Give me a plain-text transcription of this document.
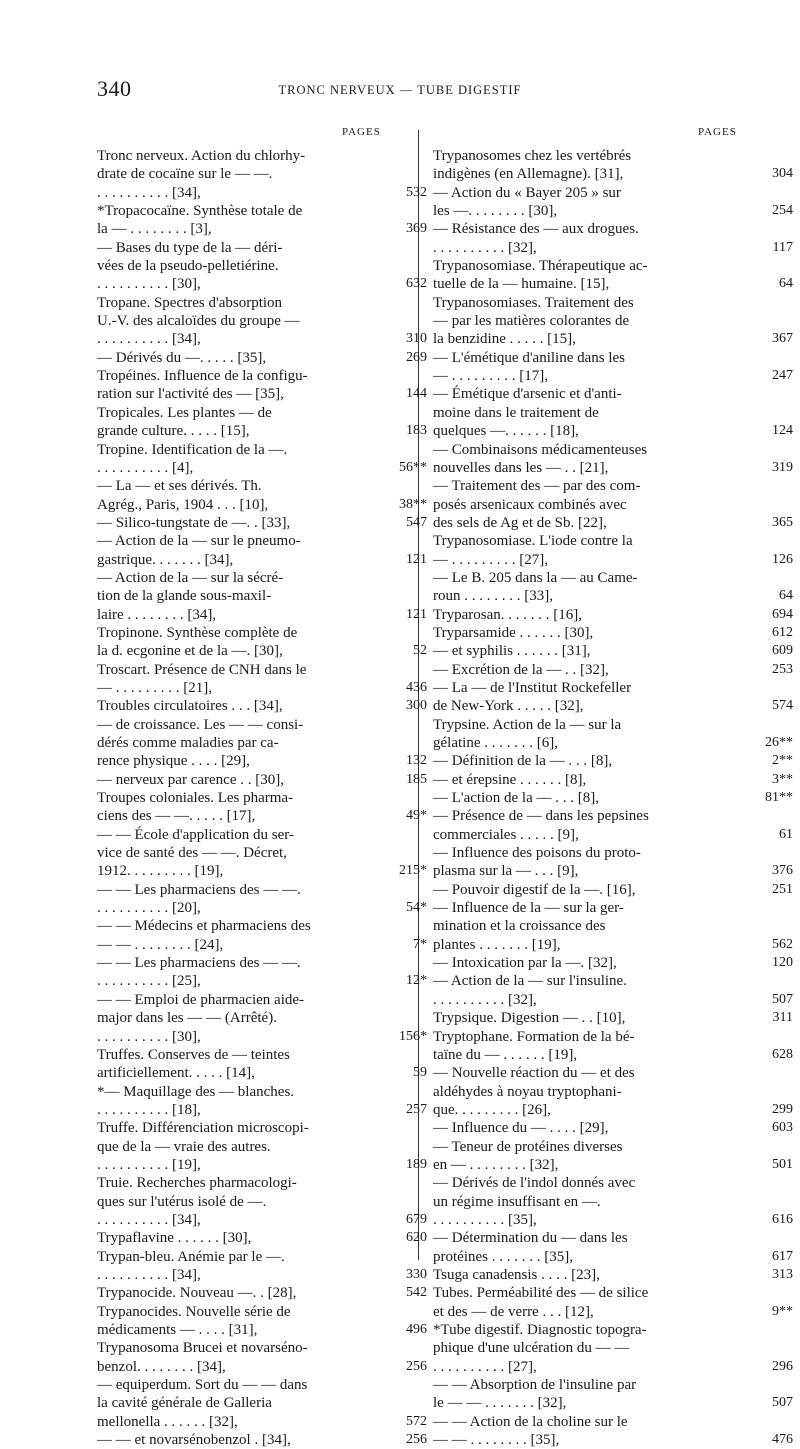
340	TRONC NERVEUX — TUBE DIGESTIF
PAGES	PAGES
Tronc nerveux. Action du chlorhy-
drate de cocaïne sur le — —.
. . . . . . . . . . [34],	532
*Tropacocaïne. Synthèse totale de
la — . . . . . . . . [3],	369
— Bases du type de la — déri-
vées de la pseudo-pelletiérine.
. . . . . . . . . . [30],	632
Tropane. Spectres d'absorption
U.-V. des alcaloïdes du groupe —
. . . . . . . . . . [34],	310
— Dérivés du —. . . . . [35],	269
Tropéines. Influence de la configu-
ration sur l'activité des — [35],	144
Tropicales. Les plantes — de
grande culture. . . . . [15],	183
Tropine. Identification de la —.
. . . . . . . . . . [4],	56**
— La — et ses dérivés. Th.
Agrég., Paris, 1904 . . . [10],	38**
— Silico-tungstate de —. . [33],	547
— Action de la — sur le pneumo-
gastrique. . . . . . . [34],	121
— Action de la — sur la sécré-
tion de la glande sous-maxil-
laire . . . . . . . . [34],	121
Tropinone. Synthèse complète de
la d. ecgonine et de la —. [30],	52
Troscart. Présence de CNH dans le
— . . . . . . . . . [21],	436
Troubles circulatoires . . . [34],	300
— de croissance. Les — — consi-
dérés comme maladies par ca-
rence physique . . . . [29],	132
— nerveux par carence . . [30],	185
Troupes coloniales. Les pharma-
ciens des — —. . . . . [17],	49*
— — École d'application du ser-
vice de santé des — —. Décret,
1912. . . . . . . . . [19],	215*
— — Les pharmaciens des — —.
. . . . . . . . . . [20],	54*
— — Médecins et pharmaciens des
— — . . . . . . . . [24],	7*
— — Les pharmaciens des — —.
. . . . . . . . . . [25],	12*
— — Emploi de pharmacien aide-
major dans les — — (Arrêté).
. . . . . . . . . . [30],	156*
Truffes. Conserves de — teintes
artificiellement. . . . . [14],	59
*— Maquillage des — blanches.
. . . . . . . . . . [18],	257
Truffe. Différenciation microscopi-
que de la — vraie des autres.
. . . . . . . . . . [19],	189
Truie. Recherches pharmacologi-
ques sur l'utérus isolé de —.
. . . . . . . . . . [34],	679
Trypaflavine . . . . . . [30],	620
Trypan-bleu. Anémie par le —.
. . . . . . . . . . [34],	330
Trypanocide. Nouveau —. . [28],	542
Trypanocides. Nouvelle série de
médicaments — . . . . [31],	496
Trypanosoma Brucei et novarséno-
benzol. . . . . . . . [34],	256
— equiperdum. Sort du — — dans
la cavité générale de Galleria
mellonella . . . . . . [32],	572
— — et novarsénobenzol . [34],	256
Trypanosomes chez les vertébrés
indigènes (en Allemagne). [31],	304
— Action du « Bayer 205 » sur
les —. . . . . . . . [30],	254
— Résistance des — aux drogues.
. . . . . . . . . . [32],	117
Trypanosomiase. Thérapeutique ac-
tuelle de la — humaine. [15],	64
Trypanosomiases. Traitement des
— par les matières colorantes de
la benzidine . . . . . [15],	367
— L'émétique d'aniline dans les
— . . . . . . . . . [17],	247
— Émétique d'arsenic et d'anti-
moine dans le traitement de
quelques —. . . . . . [18],	124
— Combinaisons médicamenteuses
nouvelles dans les — . . [21],	319
— Traitement des — par des com-
posés arsenicaux combinés avec
des sels de Ag et de Sb. [22],	365
Trypanosomiase. L'iode contre la
— . . . . . . . . . [27],	126
— Le B. 205 dans la — au Came-
roun . . . . . . . . [33],	64
Tryparosan. . . . . . . [16],	694
Tryparsamide . . . . . . [30],	612
— et syphilis . . . . . . [31],	609
— Excrétion de la — . . [32],	253
— La — de l'Institut Rockefeller
de New-York . . . . . [32],	574
Trypsine. Action de la — sur la
gélatine . . . . . . . [6],	26**
— Définition de la — . . . [8],	2**
— et érepsine . . . . . . [8],	3**
— L'action de la — . . . [8],	81**
— Présence de — dans les pepsines
commerciales . . . . . [9],	61
— Influence des poisons du proto-
plasma sur la — . . . [9],	376
— Pouvoir digestif de la —. [16],	251
— Influence de la — sur la ger-
mination et la croissance des
plantes . . . . . . . [19],	562
— Intoxication par la —. [32],	120
— Action de la — sur l'insuline.
. . . . . . . . . . [32],	507
Trypsique. Digestion — . . [10],	311
Tryptophane. Formation de la bé-
taïne du — . . . . . . [19],	628
— Nouvelle réaction du — et des
aldéhydes à noyau tryptophani-
que. . . . . . . . . [26],	299
— Influence du — . . . . [29],	603
— Teneur de protéines diverses
en — . . . . . . . . [32],	501
— Dérivés de l'indol donnés avec
un régime insuffisant en —.
. . . . . . . . . . [35],	616
— Détermination du — dans les
protéines . . . . . . . [35],	617
Tsuga canadensis . . . . [23],	313
Tubes. Perméabilité des — de silice
et des — de verre . . . [12],	9**
*Tube digestif. Diagnostic topogra-
phique d'une ulcération du — —
. . . . . . . . . . [27],	296
— — Absorption de l'insuline par
le — — . . . . . . . [32],	507
— — Action de la choline sur le
— — . . . . . . . . [35],	476
